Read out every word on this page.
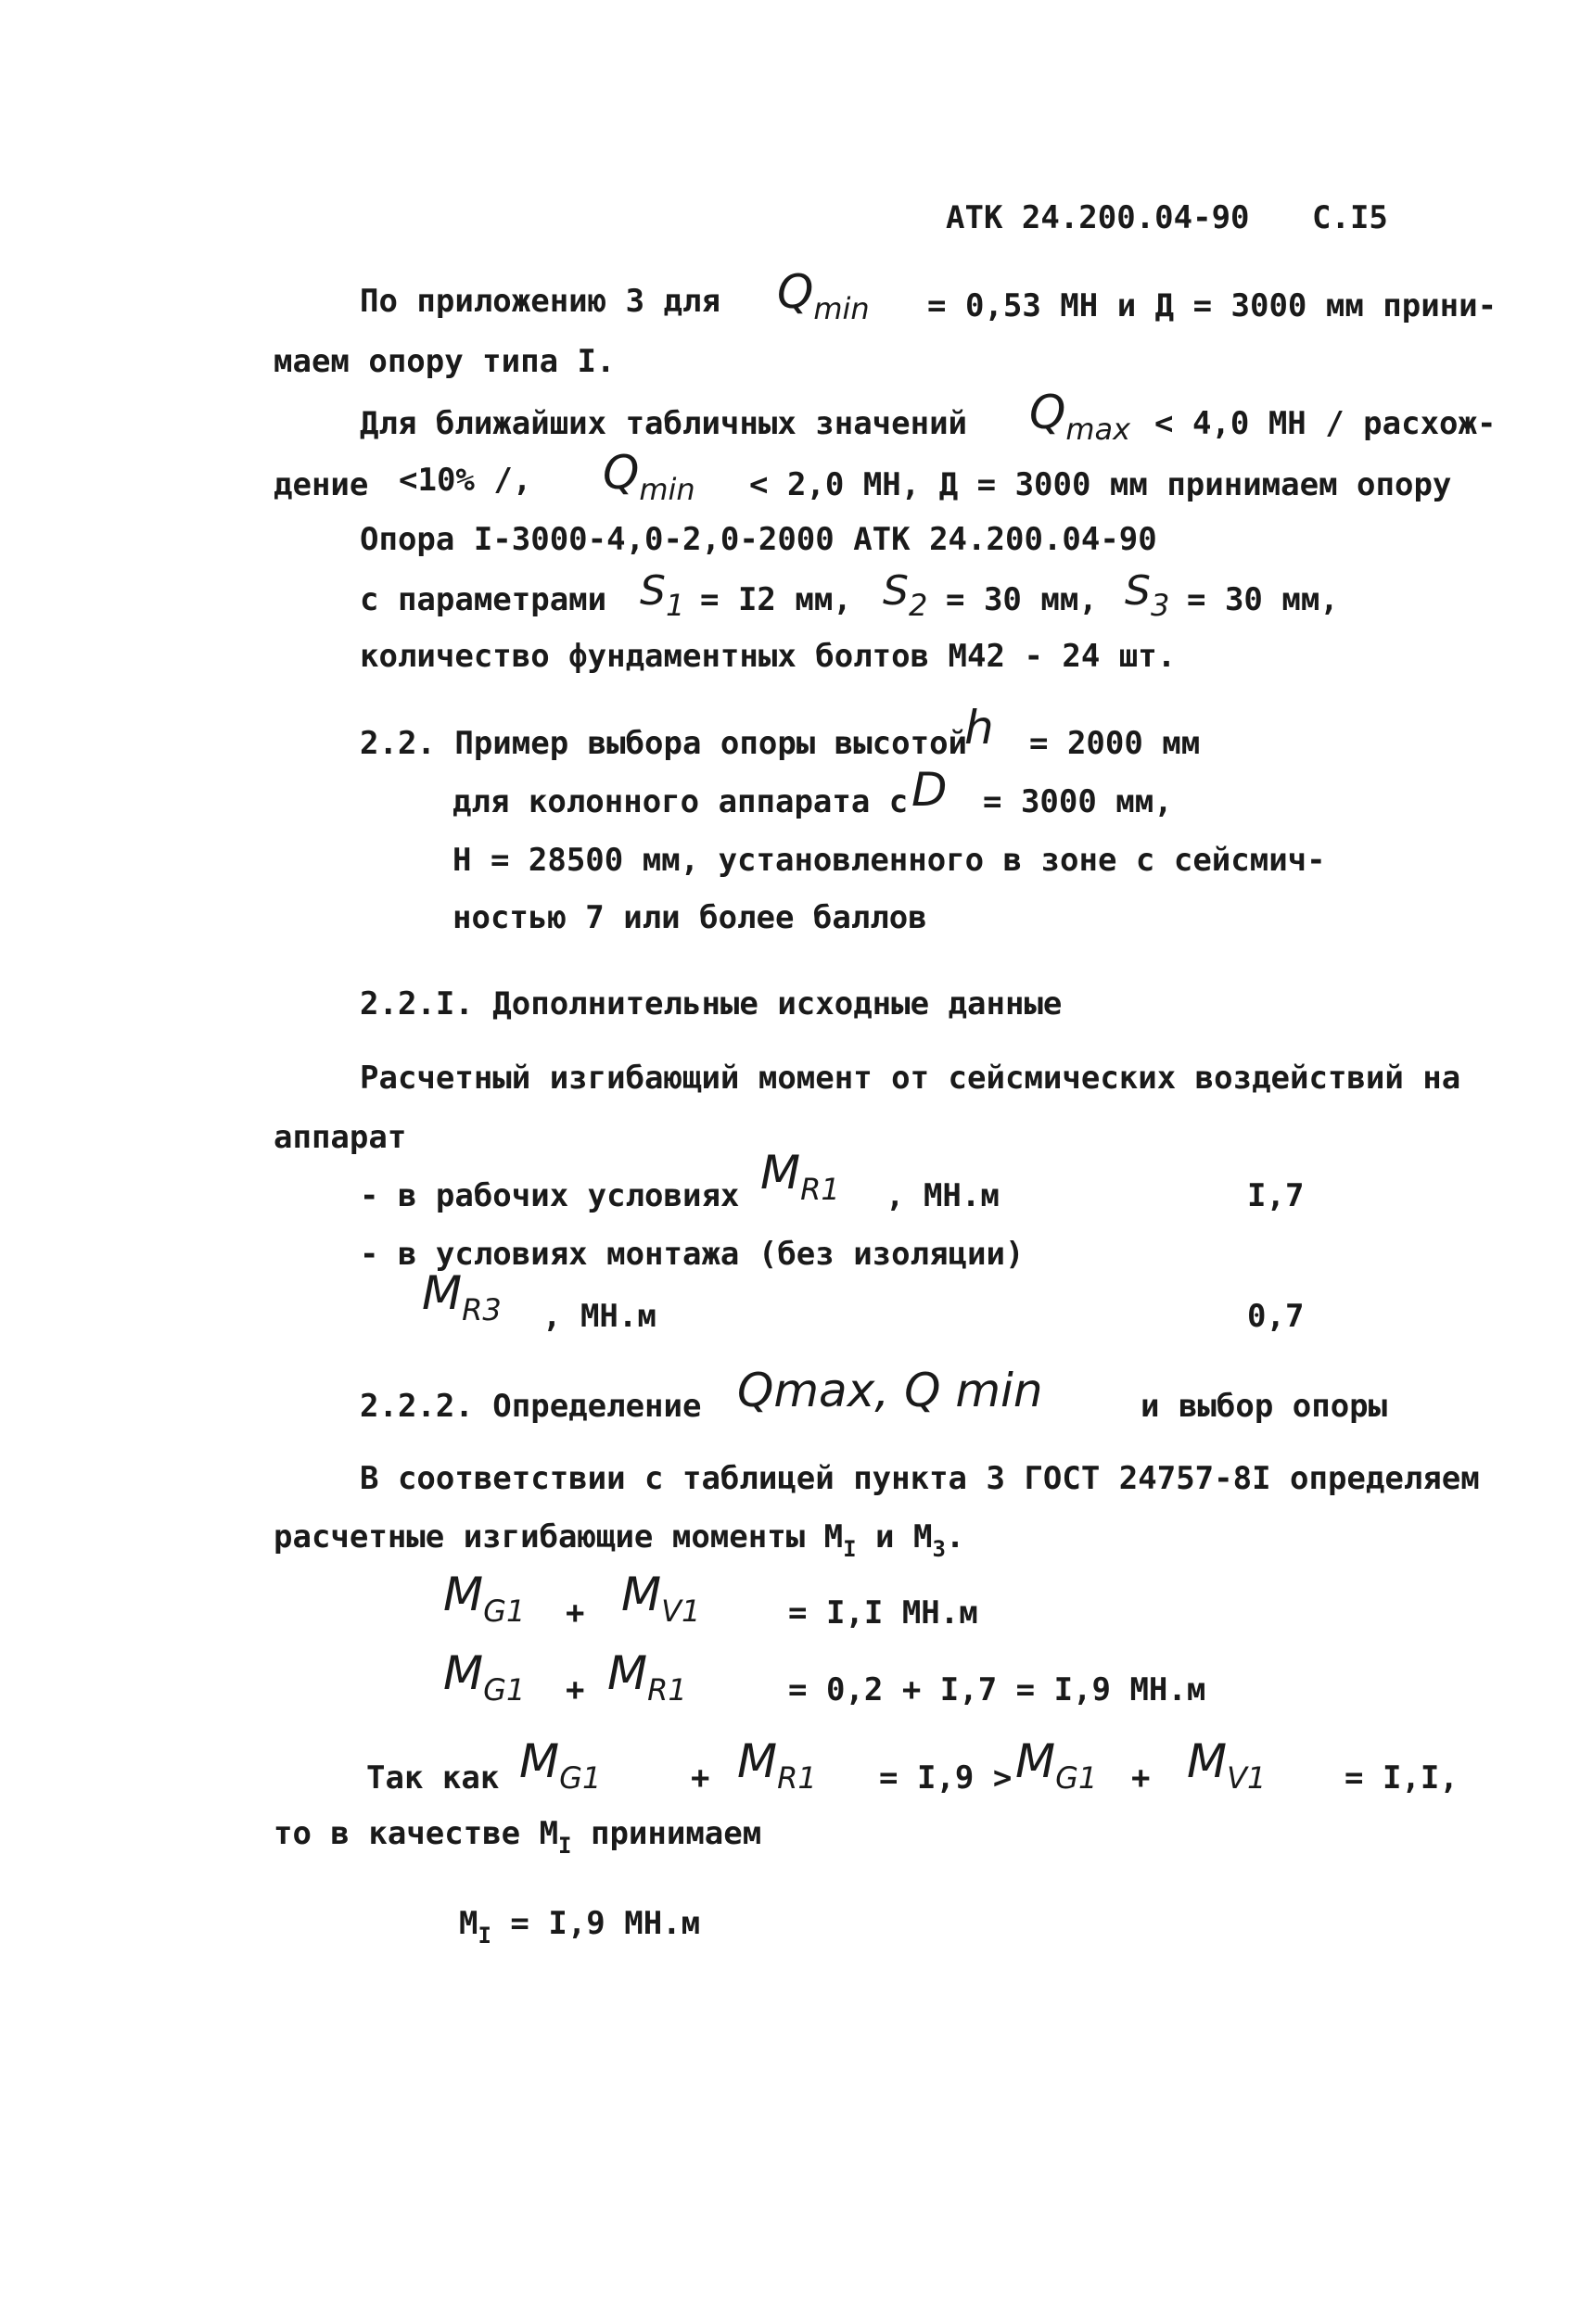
АТК 24.200.04-90 С.I5
По приложению 3 для $Q_{min} = 0,53$ МН и Д = 3000 мм прини-
маем опору типа I.
Для ближайших табличных значений $Q_{max} < 4,0$ МН / расхож-
дение <10% /, $Q_{min} < 2,0$ МН, Д = 3000 мм принимаем опору
Опора I-3000-4,0-2,0-2000 АТК 24.200.04-90
с параметрами $S_1 = I2$ мм, $S_2 = 30$ мм, $S_3 = 30$ мм,
количество фундаментных болтов М42 - 24 шт.
2.2. Пример выбора опоры высотой
h = 2000 мм
для колонного аппарата с D = 3000 мм,
Н = 28500 мм, установленного в зоне с сейсмич-
ностью 7 или более баллов
2.2.I. Дополнительные исходные данные
Расчетный изгибающий момент от сейсмических воздействий на
аппарат
- в рабочих условиях $M_{R1}$ , МН.м	I,7
- в условиях монтажа (без изоляции)
$M_{R3}$ , МН.м	0,7
2.2.2. Определение Qmax, Q min	и выбор опоры
В соответствии с таблицей пункта 3 ГОСТ 24757-8I определяем
расчетные изгибающие моменты $М_I$ и $М_3$.
$M_{G1} + M_{V1}$	= I,I МН.м
$M_{G1} + M_{R1}$	= 0,2 + I,7 = I,9 МН.м
Так как $M_{G1}$	+ $M_{R1} = I,9 > M_{G1} + M_{V1} = I,I$,
то в качестве $М_I$ принимаем
$М_I = I,9$ МН.м
